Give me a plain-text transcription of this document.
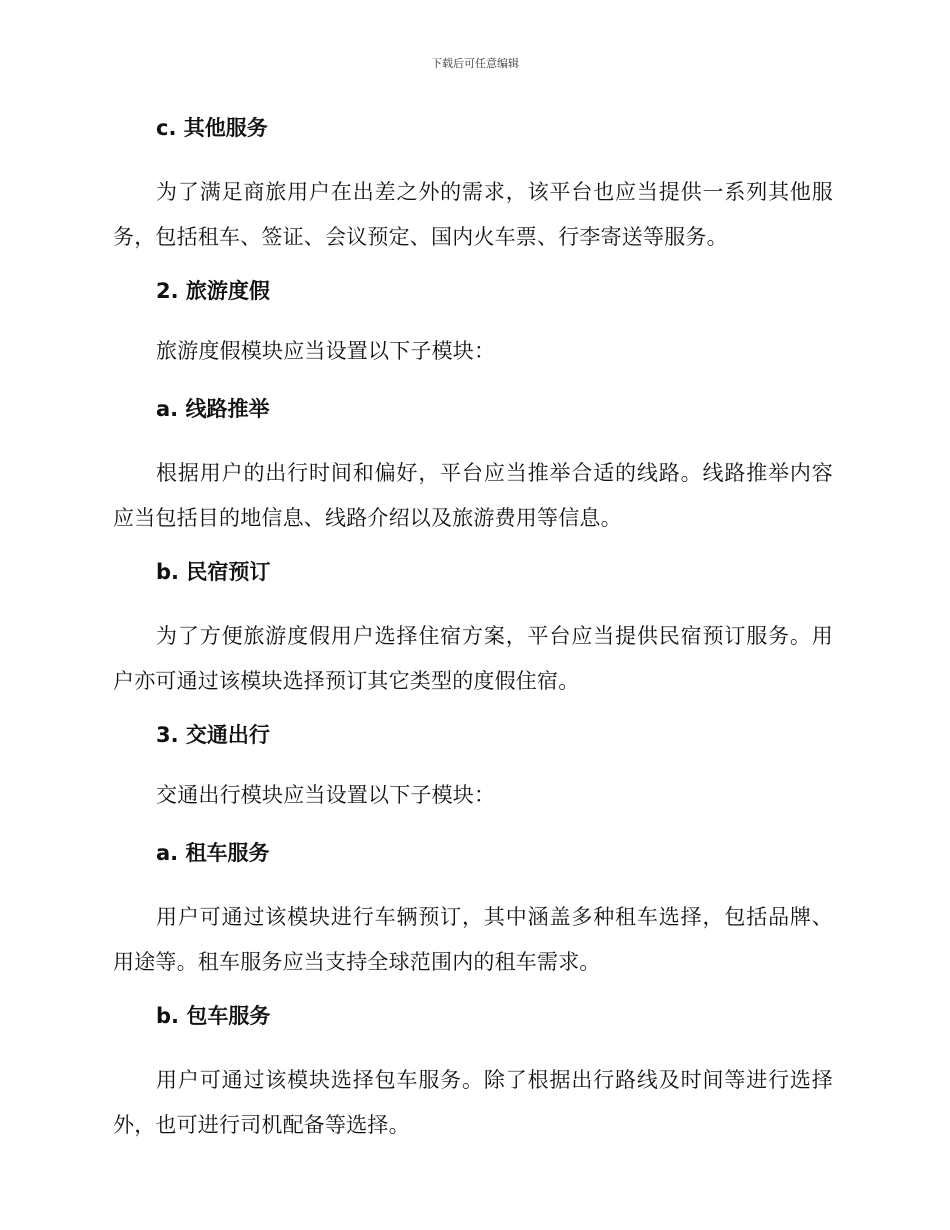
下载后可任意编辑
c. 其他服务
为了满足商旅用户在出差之外的需求，该平台也应当提供一系列其他服务，包括租车、签证、会议预定、国内火车票、行李寄送等服务。
2. 旅游度假
旅游度假模块应当设置以下子模块：
a. 线路推举
根据用户的出行时间和偏好，平台应当推举合适的线路。线路推举内容应当包括目的地信息、线路介绍以及旅游费用等信息。
b. 民宿预订
为了方便旅游度假用户选择住宿方案，平台应当提供民宿预订服务。用户亦可通过该模块选择预订其它类型的度假住宿。
3. 交通出行
交通出行模块应当设置以下子模块：
a. 租车服务
用户可通过该模块进行车辆预订，其中涵盖多种租车选择，包括品牌、用途等。租车服务应当支持全球范围内的租车需求。
b. 包车服务
用户可通过该模块选择包车服务。除了根据出行路线及时间等进行选择外，也可进行司机配备等选择。
